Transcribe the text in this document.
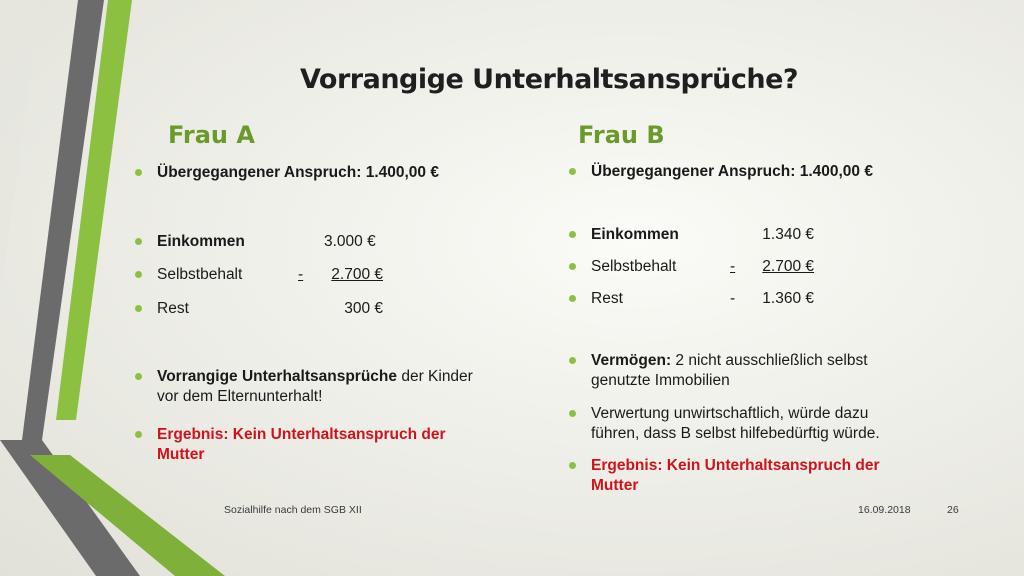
Vorrangige Unterhaltsansprüche?
Frau A	Frau B
Übergegangener Anspruch: 1.400,00 €
Einkommen	3.000 €
Selbstbehalt	-	2.700 €
Rest	300 €
Vorrangige Unterhaltsansprüche der Kinder
vor dem Elternunterhalt!
Ergebnis: Kein Unterhaltsanspruch der
Mutter
Übergegangener Anspruch: 1.400,00 €
Einkommen	1.340 €
Selbstbehalt	-	2.700 €
Rest	-	1.360 €
Vermögen: 2 nicht ausschließlich selbst
genutzte Immobilien
Verwertung unwirtschaftlich, würde dazu
führen, dass B selbst hilfebedürftig würde.
Ergebnis: Kein Unterhaltsanspruch der
Mutter
Sozialhilfe nach dem SGB XII	16.09.2018	26
